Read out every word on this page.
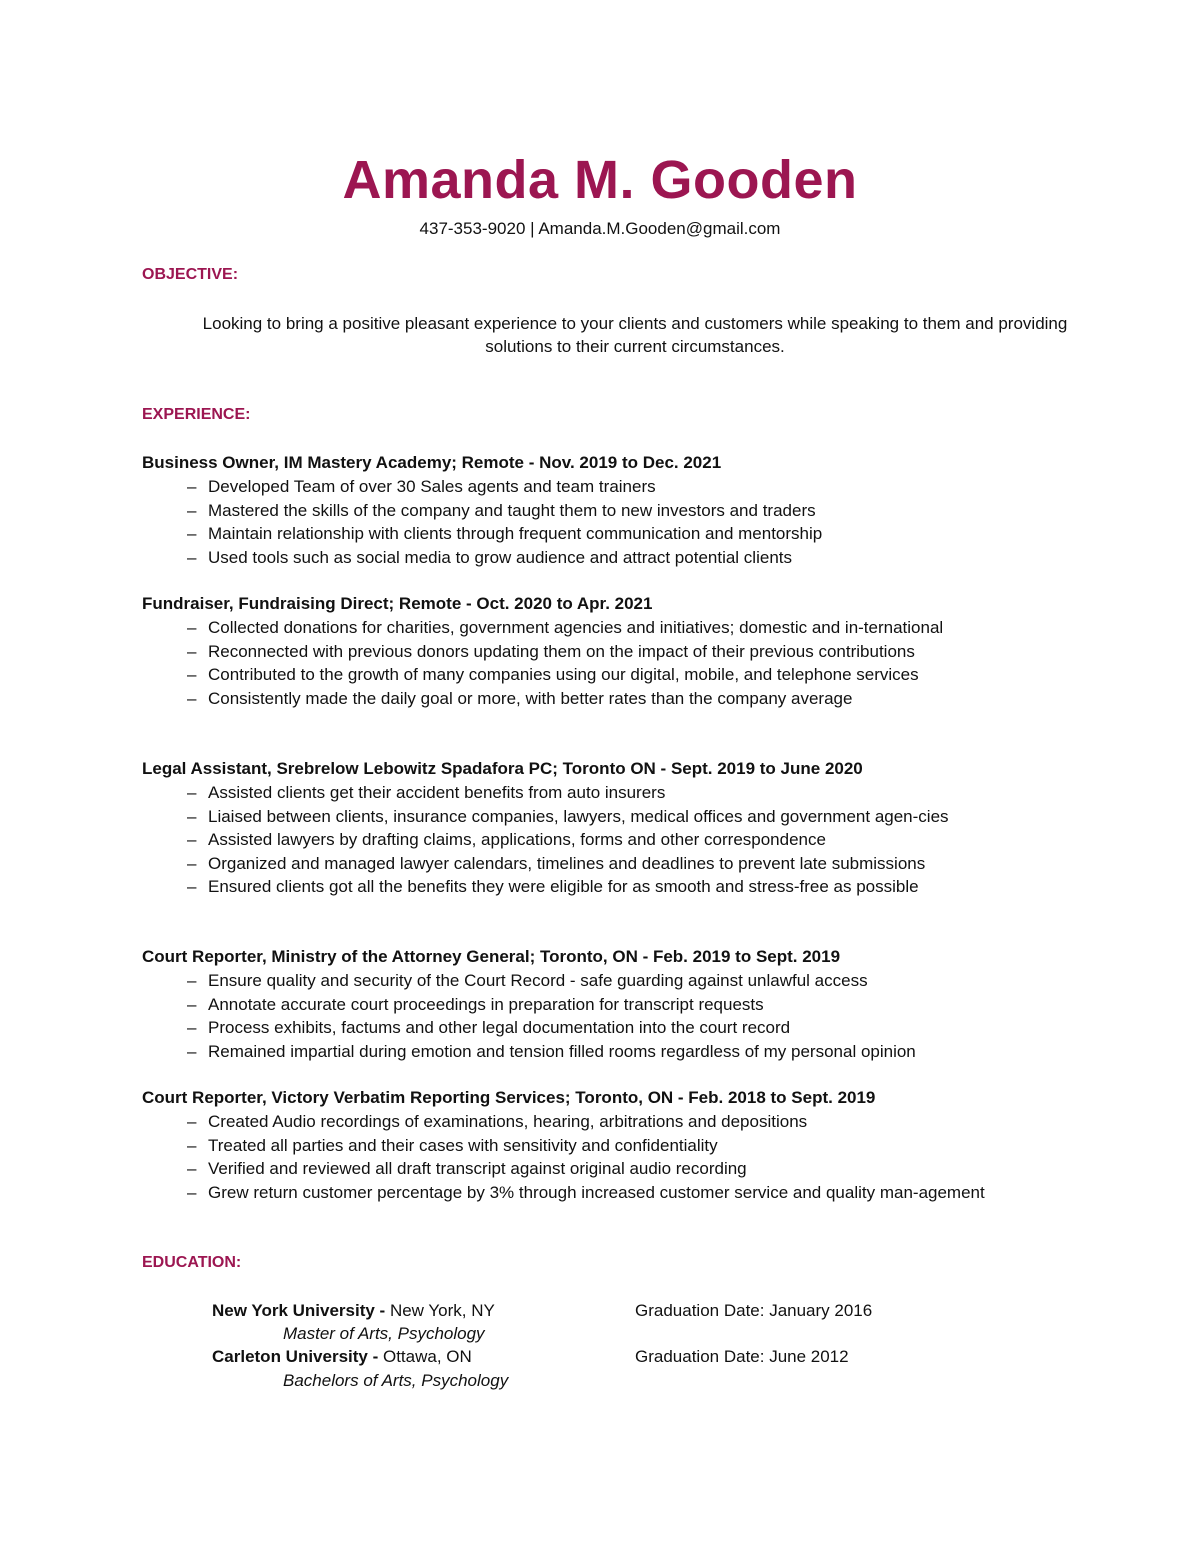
Amanda M. Gooden
437-353-9020 | Amanda.M.Gooden@gmail.com
OBJECTIVE:
Looking to bring a positive pleasant experience to your clients and customers while speaking to them and providing solutions to their current circumstances.
EXPERIENCE:
Business Owner, IM Mastery Academy; Remote - Nov. 2019 to Dec. 2021
– Developed Team of over 30 Sales agents and team trainers
– Mastered the skills of the company and taught them to new investors and traders
– Maintain relationship with clients through frequent communication and mentorship
– Used tools such as social media to grow audience and attract potential clients
Fundraiser, Fundraising Direct; Remote - Oct. 2020 to Apr. 2021
– Collected donations for charities, government agencies and initiatives; domestic and in-ternational
– Reconnected with previous donors updating them on the impact of their previous contributions
– Contributed to the growth of many companies using our digital, mobile, and telephone services
– Consistently made the daily goal or more, with better rates than the company average
Legal Assistant, Srebrelow Lebowitz Spadafora PC; Toronto ON - Sept. 2019 to June 2020
– Assisted clients get their accident benefits from auto insurers
– Liaised between clients, insurance companies, lawyers, medical offices and government agen-cies
– Assisted lawyers by drafting claims, applications, forms and other correspondence
– Organized and managed lawyer calendars, timelines and deadlines to prevent late submissions
– Ensured clients got all the benefits they were eligible for as smooth and stress-free as possible
Court Reporter, Ministry of the Attorney General; Toronto, ON - Feb. 2019 to Sept. 2019
– Ensure quality and security of the Court Record - safe guarding against unlawful access
– Annotate accurate court proceedings in preparation for transcript requests
– Process exhibits, factums and other legal documentation into the court record
– Remained impartial during emotion and tension filled rooms regardless of my personal opinion
Court Reporter, Victory Verbatim Reporting Services; Toronto, ON - Feb. 2018 to Sept. 2019
– Created Audio recordings of examinations, hearing, arbitrations and depositions
– Treated all parties and their cases with sensitivity and confidentiality
– Verified and reviewed all draft transcript against original audio recording
– Grew return customer percentage by 3% through increased customer service and quality man-agement
EDUCATION:
New York University - New York, NY	Graduation Date: January 2016
Master of Arts, Psychology
Carleton University - Ottawa, ON	Graduation Date: June 2012
Bachelors of Arts, Psychology
